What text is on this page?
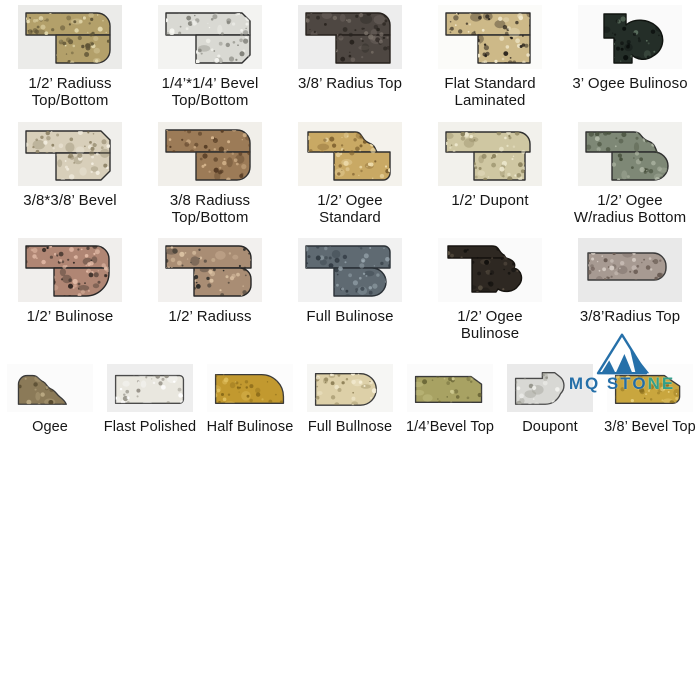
1/2’ Radiuss
Top/Bottom
1/4’*1/4’ Bevel
Top/Bottom
3/8’ Radius Top	Flat Standard
Laminated
3’ Ogee Bulinoso
3/8*3/8’ Bevel	3/8 Radiuss
Top/Bottom
1/2’ Ogee
Standard
1/2’ Dupont	1/2’ Ogee
W/radius Bottom
1/2’ Bulinose	1/2’ Radiuss	Full Bulinose	1/2’ Ogee
Bulinose
3/8’Radius Top
Ogee Flast Polished Half Bulinose Full Bullnose 1/4’Bevel Top Doupont 3/8’ Bevel Top
MQ STONE
